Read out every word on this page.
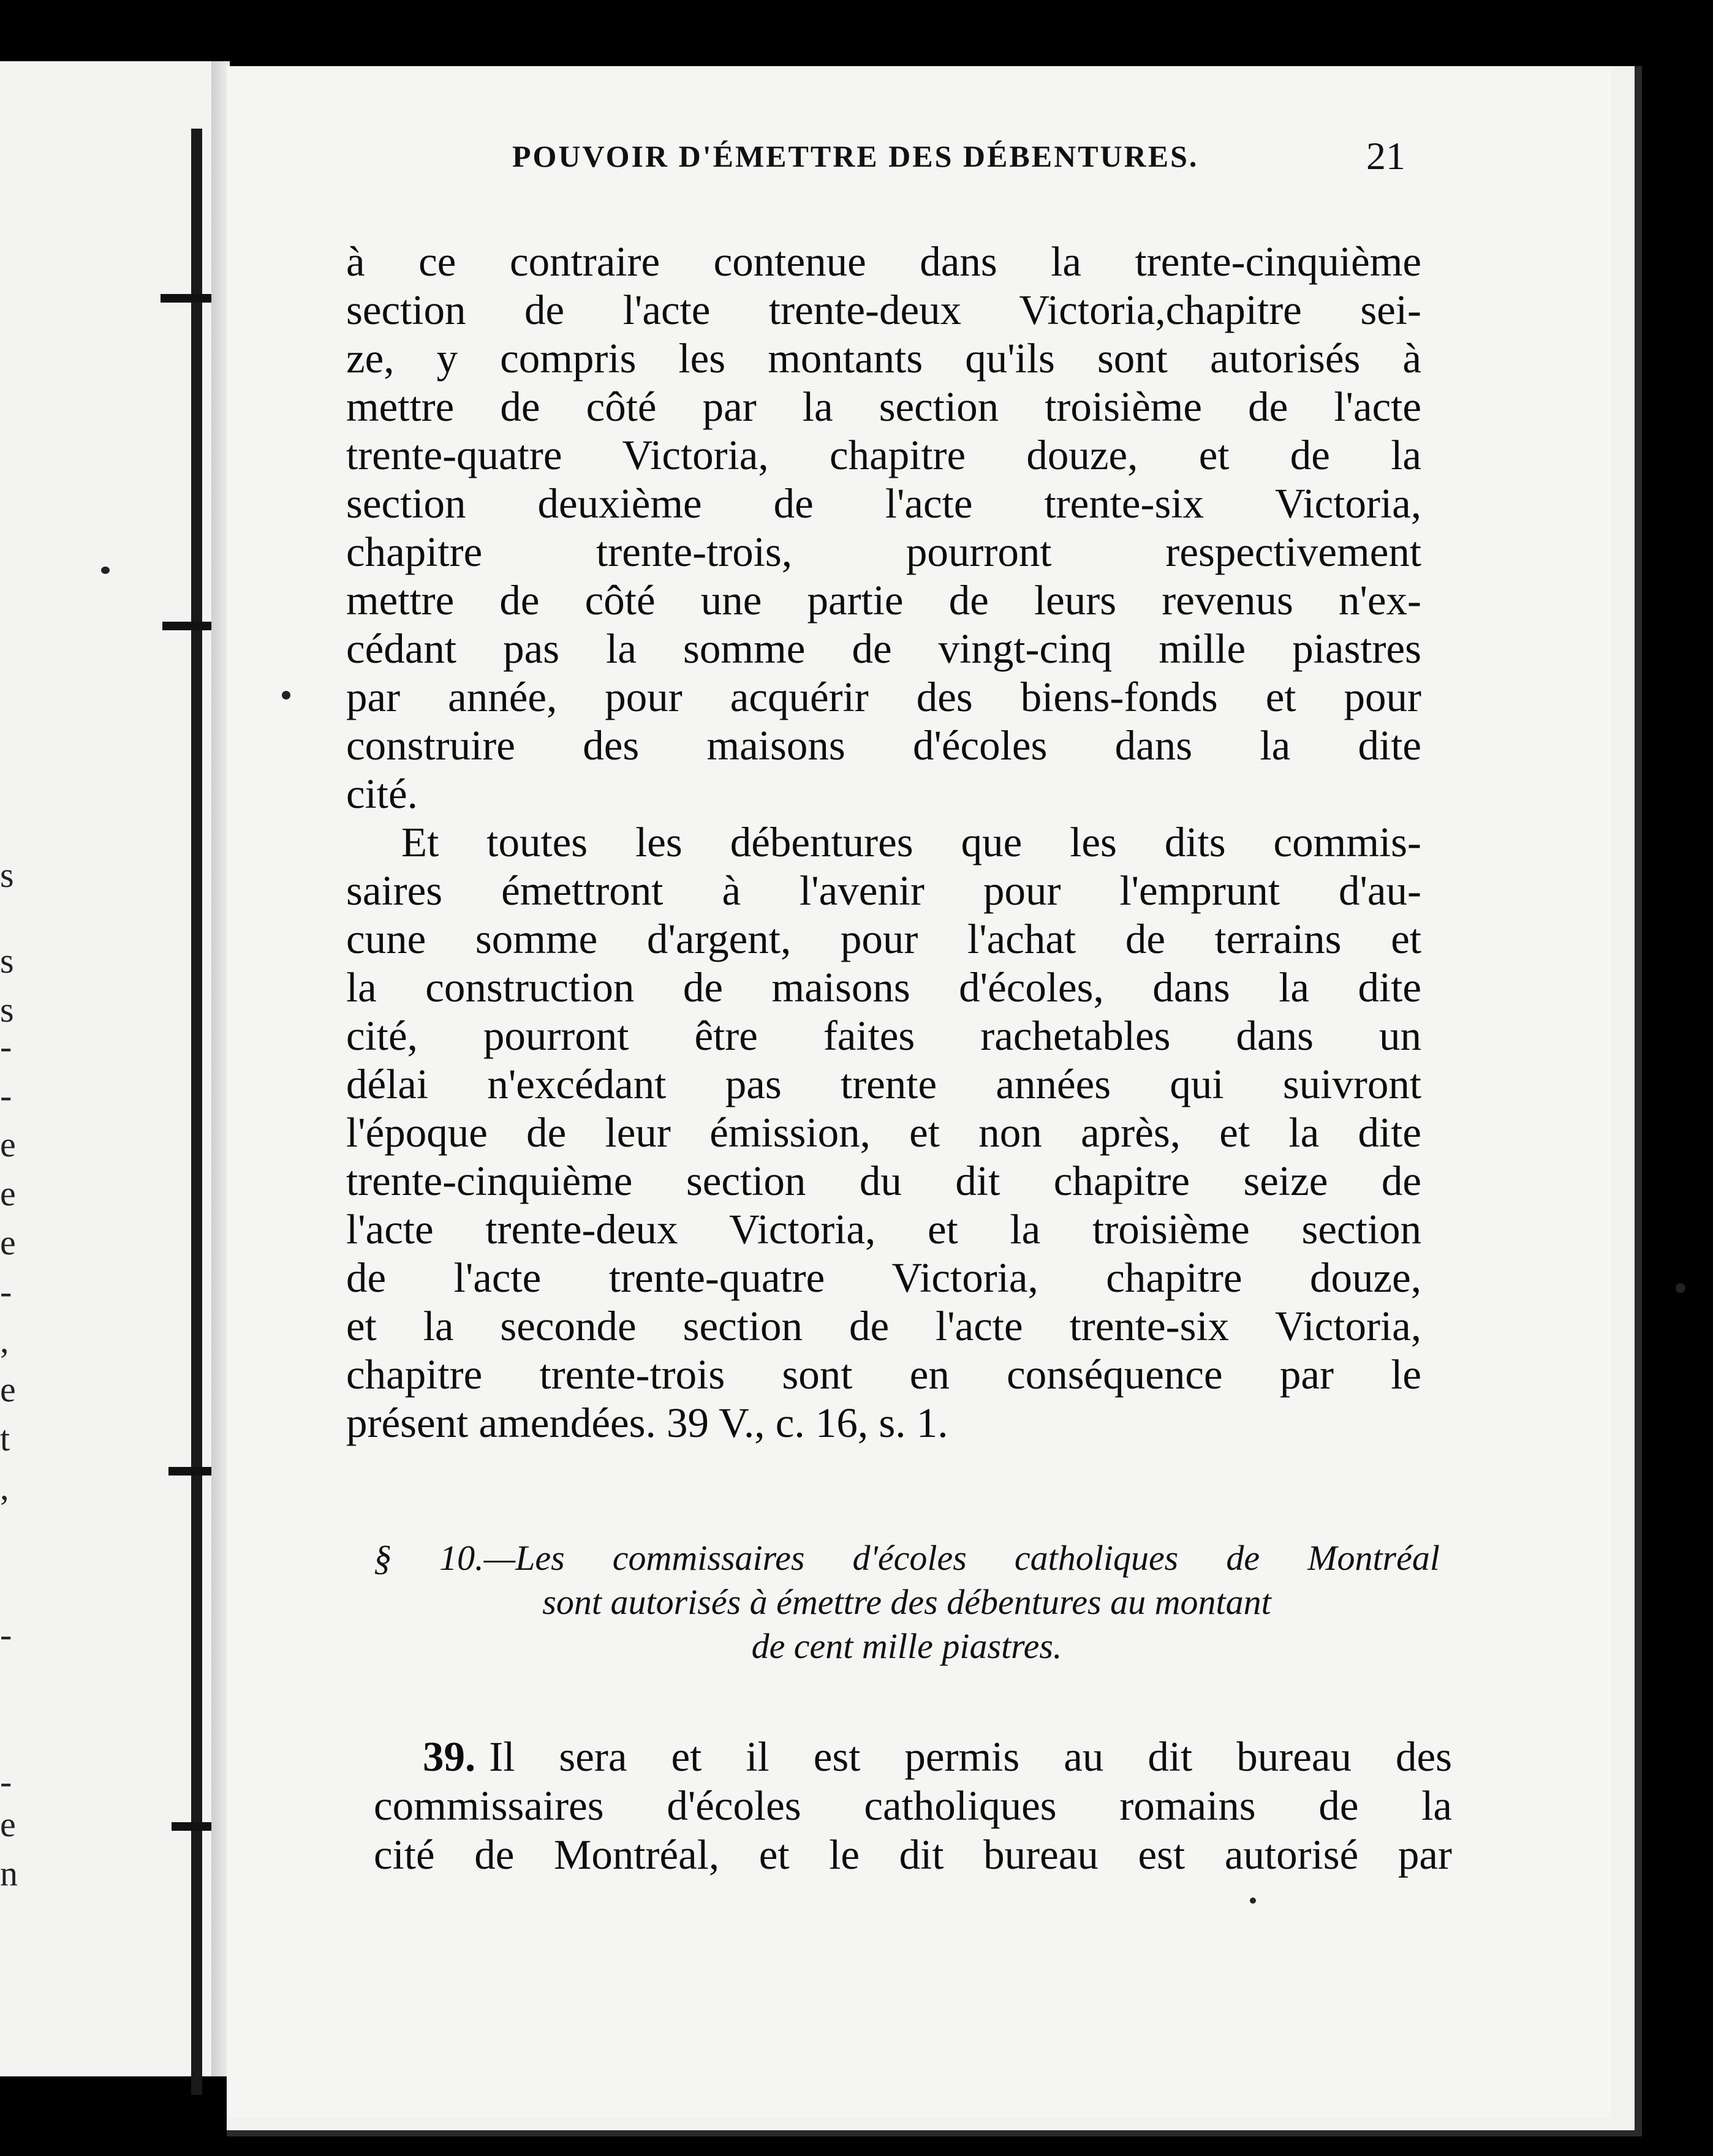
s
s
s
-
-
e
e
e
-
,
e
t
,
-
-
e
n
POUVOIR D'ÉMETTRE DES DÉBENTURES.	21
à ce contraire contenue dans la trente-cinquième
section de l'acte trente-deux Victoria,chapitre sei-
ze, y compris les montants qu'ils sont autorisés à
mettre de côté par la section troisième de l'acte
trente-quatre Victoria, chapitre douze, et de la
section deuxième de l'acte trente-six Victoria,
chapitre trente-trois, pourront respectivement
mettre de côté une partie de leurs revenus n'ex-
cédant pas la somme de vingt-cinq mille piastres
par année, pour acquérir des biens-fonds et pour
construire des maisons d'écoles dans la dite
cité.
Et toutes les débentures que les dits commis-
saires émettront à l'avenir pour l'emprunt d'au-
cune somme d'argent, pour l'achat de terrains et
la construction de maisons d'écoles, dans la dite
cité, pourront être faites rachetables dans un
délai n'excédant pas trente années qui suivront
l'époque de leur émission, et non après, et la dite
trente-cinquième section du dit chapitre seize de
l'acte trente-deux Victoria, et la troisième section
de l'acte trente-quatre Victoria, chapitre douze,
et la seconde section de l'acte trente-six Victoria,
chapitre trente-trois sont en conséquence par le
présent amendées. 39 V., c. 16, s. 1.
§ 10.—Les commissaires d'écoles catholiques de Montréal
sont autorisés à émettre des débentures au montant
de cent mille piastres.
39. Il sera et il est permis au dit bureau des
commissaires d'écoles catholiques romains de la
cité de Montréal, et le dit bureau est autorisé par
